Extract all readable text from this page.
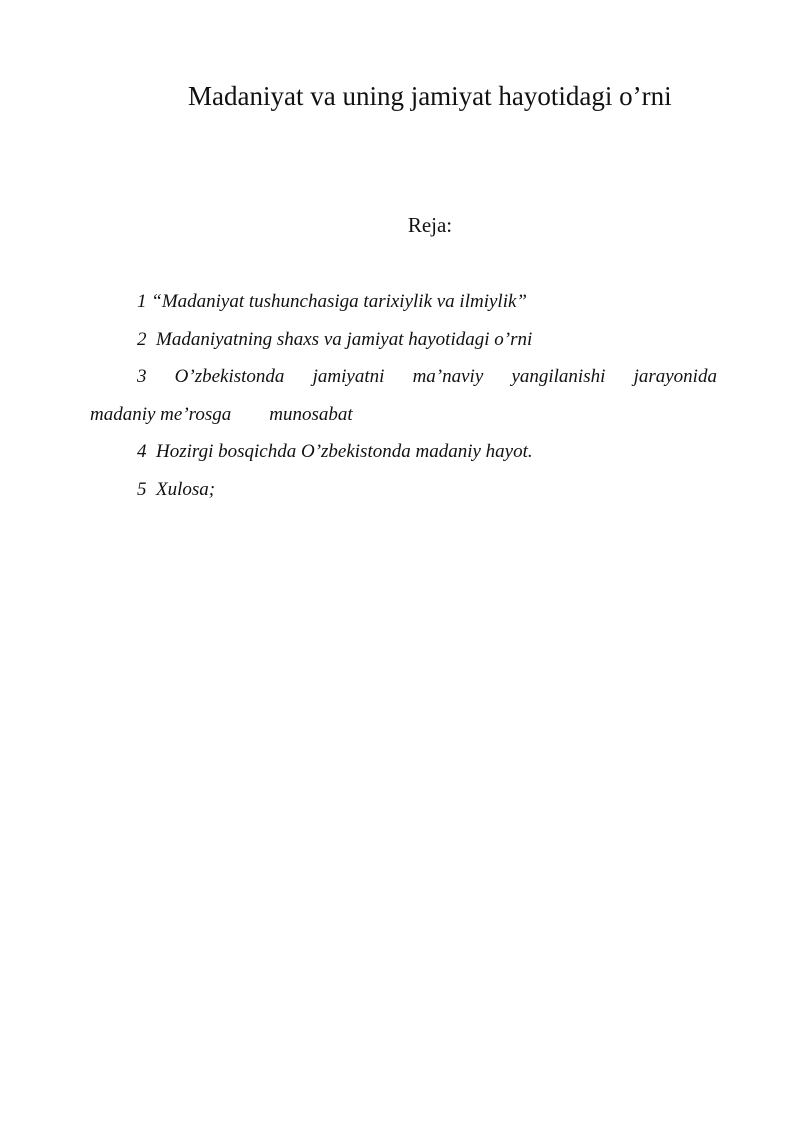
Madaniyat va uning jamiyat hayotidagi o’rni
Reja:
1 “Madaniyat tushunchasiga tarixiylik va ilmiylik”
2 Madaniyatning shaxs va jamiyat hayotidagi o’rni
3 O’zbekistonda jamiyatni ma’naviy yangilanishi jarayonida
madaniy me’rosga munosabat
4 Hozirgi bosqichda O’zbekistonda madaniy hayot.
5 Xulosa;
